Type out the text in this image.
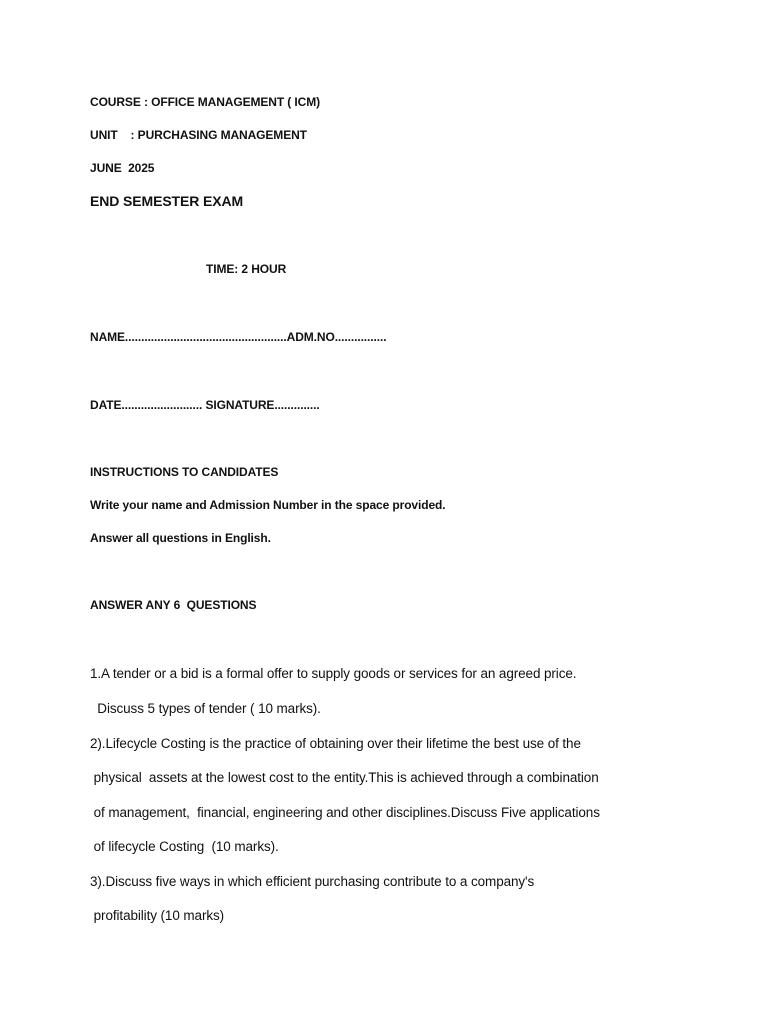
COURSE : OFFICE MANAGEMENT ( ICM)
UNIT    : PURCHASING MANAGEMENT
JUNE  2025
END SEMESTER EXAM
TIME: 2 HOUR
NAME..................................................ADM.NO................
DATE......................... SIGNATURE..............
INSTRUCTIONS TO CANDIDATES
Write your name and Admission Number in the space provided.
Answer all questions in English.
ANSWER ANY 6  QUESTIONS
1.A tender or a bid is a formal offer to supply goods or services for an agreed price.
Discuss 5 types of tender ( 10 marks).
2).Lifecycle Costing is the practice of obtaining over their lifetime the best use of the
physical  assets at the lowest cost to the entity.This is achieved through a combination
of management,  financial, engineering and other disciplines.Discuss Five applications
of lifecycle Costing  (10 marks).
3).Discuss five ways in which efficient purchasing contribute to a company's
profitability (10 marks)
